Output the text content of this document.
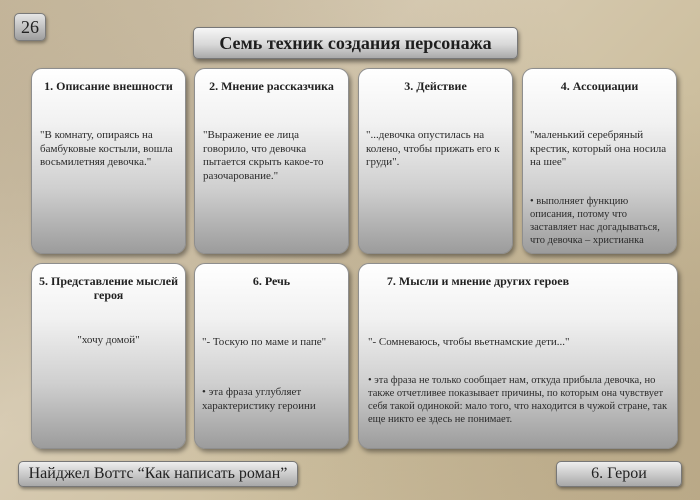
26
Семь техник создания персонажа
1. Описание внешности
"В комнату, опираясь на бамбуковые костыли, вошла восьмилетняя девочка."
2. Мнение рассказчика
"Выражение ее лица говорило, что девочка пытается скрыть какое-то разочарование."
3. Действие
"...девочка опустилась на колено, чтобы прижать его к груди".
4. Ассоциации
"маленький серебряный крестик, который она носила на шее"
• выполняет функцию описания, потому что заставляет нас догадываться, что девочка – христианка
5. Представление мыслей героя
"хочу домой"
6. Речь
"- Тоскую по маме и папе"
• эта фраза углубляет характеристику героини
7. Мысли и мнение других героев
"- Сомневаюсь, чтобы вьетнамские дети..."
• эта фраза не только сообщает нам, откуда прибыла девочка, но также отчетливее показывает причины, по которым она чувствует себя такой одинокой: мало того, что находится в чужой стране, так еще никто ее здесь не понимает.
Найджел Воттс “Как написать роман”	6. Герои
